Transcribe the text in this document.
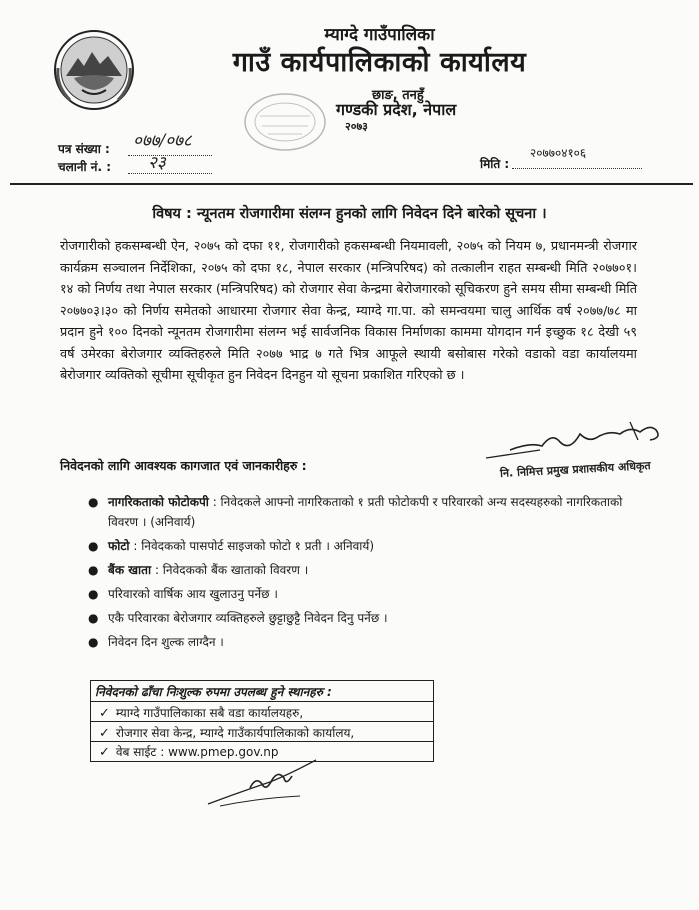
म्याग्दे गाउँपालिका
गाउँ कार्यपालिकाको कार्यालय
छाङ, तनहुँ
गण्डकी प्रदेश, नेपाल
२०७३
पत्र संख्या : ०७७/०७८
चलानी नं. : २३	मिति :
२०७७०४१०६
विषय : न्यूनतम रोजगारीमा संलग्न हुनको लागि निवेदन दिने बारेको सूचना ।
रोजगारीको हकसम्बन्धी ऐन, २०७५ को दफा ११, रोजगारीको हकसम्बन्धी नियमावली, २०७५ को नियम ७, प्रधानमन्त्री रोजगार कार्यक्रम सञ्चालन निर्देशिका, २०७५ को दफा १८, नेपाल सरकार (मन्त्रिपरिषद) को तत्कालीन राहत सम्बन्धी मिति २०७७०१।१४ को निर्णय तथा नेपाल सरकार (मन्त्रिपरिषद) को रोजगार सेवा केन्द्रमा बेरोजगारको सूचिकरण हुने समय सीमा सम्बन्धी मिति २०७७०३।३० को निर्णय समेतको आधारमा रोजगार सेवा केन्द्र, म्याग्दे गा.पा. को समन्वयमा चालु आर्थिक वर्ष २०७७/७८ मा प्रदान हुने १०० दिनको न्यूनतम रोजगारीमा संलग्न भई सार्वजनिक विकास निर्माणका काममा योगदान गर्न इच्छुक १८ देखी ५९ वर्ष उमेरका बेरोजगार व्यक्तिहरुले मिति २०७७ भाद्र ७ गते भित्र आफूले स्थायी बसोबास गरेको वडाको वडा कार्यालयमा बेरोजगार व्यक्तिको सूचीमा सूचीकृत हुन निवेदन दिनहुन यो सूचना प्रकाशित गरिएको छ ।
नि. निमित्त प्रमुख प्रशासकीय अधिकृत
निवेदनको लागि आवश्यक कागजात एवं जानकारीहरु :
● नागरिकताको फोटोकपी : निवेदकले आफ्नो नागरिकताको १ प्रती फोटोकपी र परिवारको अन्य सदस्यहरुको नागरिकताको विवरण । (अनिवार्य)
● फोटो : निवेदकको पासपोर्ट साइजको फोटो १ प्रती । अनिवार्य)
● बैंक खाता : निवेदकको बैंक खाताको विवरण ।
● परिवारको वार्षिक आय खुलाउनु पर्नेछ ।
● एकै परिवारका बेरोजगार व्यक्तिहरुले छुट्टाछुट्टै निवेदन दिनु पर्नेछ ।
● निवेदन दिन शुल्क लाग्दैन ।
निवेदनको ढाँचा निःशुल्क रुपमा उपलब्ध हुने स्थानहरु :
✓ म्याग्दे गाउँपालिकाका सबै वडा कार्यालयहरु,
✓ रोजगार सेवा केन्द्र, म्याग्दे गाउँकार्यपालिकाको कार्यालय,
✓ वेब साईट : www.pmep.gov.np
